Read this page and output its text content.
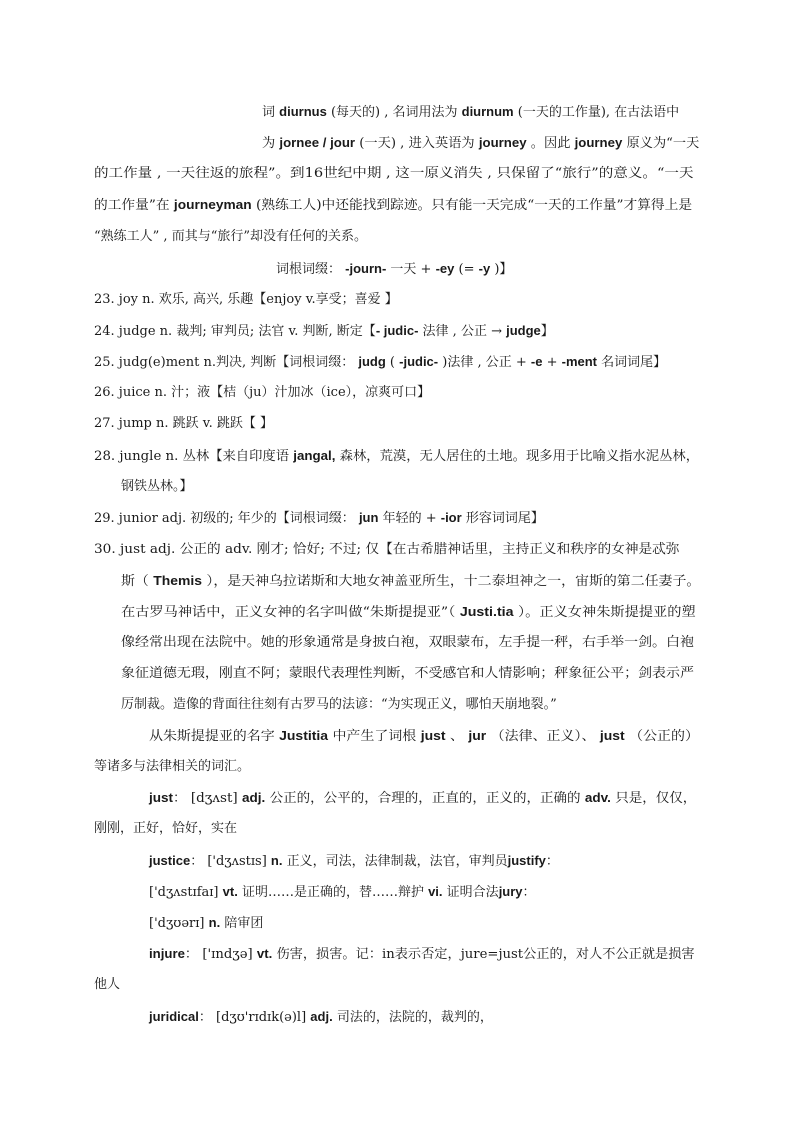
词 diurnus (每天的) , 名词用法为 diurnum (一天的工作量), 在古法语中
为 jornee / jour (一天) , 进入英语为 journey 。因此 journey 原义为“一天
的工作量 , 一天往返的旅程”。到16世纪中期 , 这一原义消失 , 只保留了“旅行”的意义。“一天
的工作量”在 journeyman (熟练工人)中还能找到踪迹。只有能一天完成“一天的工作量”才算得上是
“熟练工人” , 而其与“旅行”却没有任何的关系。
词根词缀： -journ- 一天 + -ey (= -y )】
23. joy n. 欢乐, 高兴, 乐趣【enjoy v.享受；喜爱 】
24. judge n. 裁判; 审判员; 法官 v. 判断, 断定【- judic- 法律 , 公正 → judge】
25. judg(e)ment n.判决, 判断【词根词缀： judg ( -judic- )法律 , 公正 + -e + -ment 名词词尾】
26. juice n. 汁；液【桔（ju）汁加冰（ice），凉爽可口】
27. jump n. 跳跃 v. 跳跃【 】
28. jungle n. 丛林【来自印度语 jangal, 森林，荒漠，无人居住的土地。现多用于比喻义指水泥丛林，
钢铁丛林。】
29. junior adj. 初级的; 年少的【词根词缀： jun 年轻的 + -ior 形容词词尾】
30. just adj. 公正的 adv. 刚才; 恰好; 不过; 仅【在古希腊神话里，主持正义和秩序的女神是忒弥
斯（ Themis ），是天神乌拉诺斯和大地女神盖亚所生，十二泰坦神之一，宙斯的第二任妻子。
在古罗马神话中，正义女神的名字叫做“朱斯提提亚”（ Justi.tia ）。正义女神朱斯提提亚的塑
像经常出现在法院中。她的形象通常是身披白袍，双眼蒙布，左手提一秤，右手举一剑。白袍
象征道德无瑕，刚直不阿；蒙眼代表理性判断，不受感官和人情影响；秤象征公平；剑表示严
厉制裁。造像的背面往往刻有古罗马的法谚：“为实现正义，哪怕天崩地裂。”
从朱斯提提亚的名字 Justitia 中产生了词根 just 、 jur （法律、正义）、 just （公正的）
等诸多与法律相关的词汇。
just： [dʒʌst] adj. 公正的，公平的，合理的，正直的，正义的，正确的 adv. 只是，仅仅，
刚刚，正好，恰好，实在
justice： ['dʒʌstɪs] n. 正义，司法，法律制裁，法官，审判员justify：
['dʒʌstɪfaɪ] vt. 证明……是正确的，替……辩护 vi. 证明合法jury：
['dʒʊərɪ] n. 陪审团
injure： ['ɪndʒə] vt. 伤害，损害。记：in表示否定，jure=just公正的，对人不公正就是损害
他人
juridical： [dʒʊ'rɪdɪk(ə)l] adj. 司法的，法院的，裁判的，
